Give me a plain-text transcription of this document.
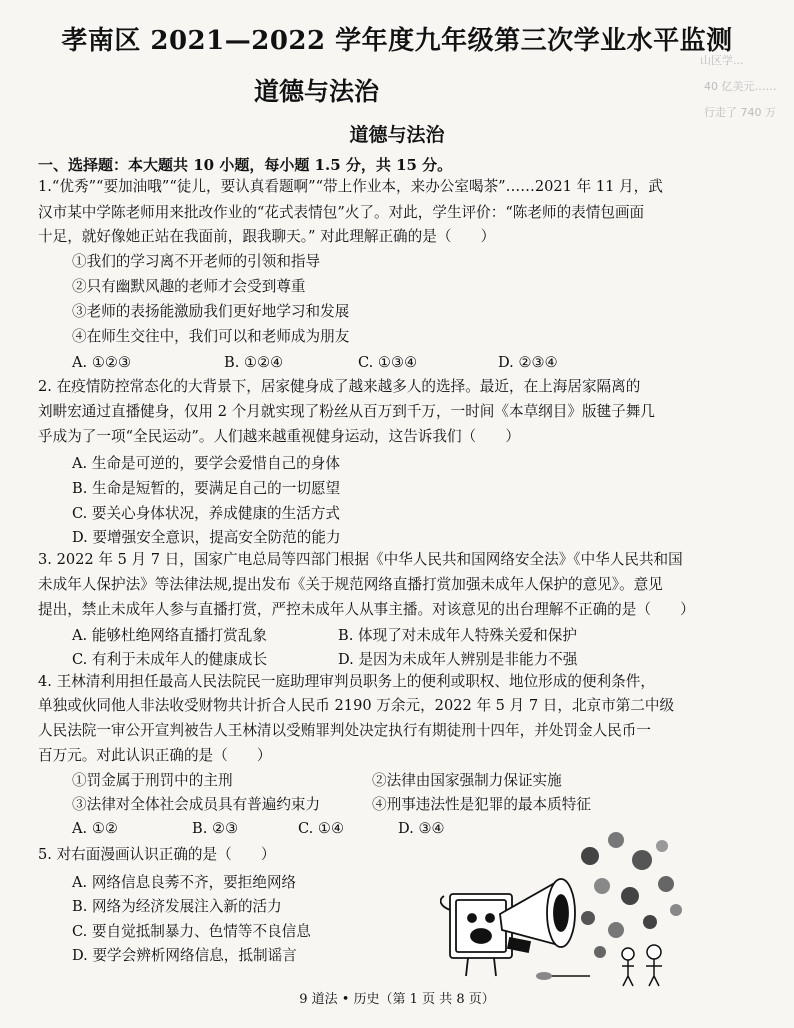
孝南区 2021—2022 学年度九年级第三次学业水平监测
道德与法治
道德与法治
山区学...
40 亿美元……
行走了 740 万
一、选择题：本大题共 10 小题，每小题 1.5 分，共 15 分。
1.“优秀”“要加油哦”“徒儿，要认真看题啊”“带上作业本，来办公室喝茶”……2021 年 11 月，武
汉市某中学陈老师用来批改作业的“花式表情包”火了。对此，学生评价：“陈老师的表情包画面
十足，就好像她正站在我面前，跟我聊天。” 对此理解正确的是（　　）
①我们的学习离不开老师的引领和指导
②只有幽默风趣的老师才会受到尊重
③老师的表扬能激励我们更好地学习和发展
④在师生交往中，我们可以和老师成为朋友
A. ①②③	B. ①②④	C. ①③④	D. ②③④
2. 在疫情防控常态化的大背景下，居家健身成了越来越多人的选择。最近，在上海居家隔离的
刘畊宏通过直播健身，仅用 2 个月就实现了粉丝从百万到千万，一时间《本草纲目》版毽子舞几
乎成为了一项“全民运动”。人们越来越重视健身运动，这告诉我们（　　）
A. 生命是可逆的，要学会爱惜自己的身体
B. 生命是短暂的，要满足自己的一切愿望
C. 要关心身体状况，养成健康的生活方式
D. 要增强安全意识，提高安全防范的能力
3. 2022 年 5 月 7 日，国家广电总局等四部门根据《中华人民共和国网络安全法》《中华人民共和国
未成年人保护法》等法律法规,提出发布《关于规范网络直播打赏加强未成年人保护的意见》。意见
提出，禁止未成年人参与直播打赏，严控未成年人从事主播。对该意见的出台理解不正确的是（　　）
A. 能够杜绝网络直播打赏乱象	B. 体现了对未成年人特殊关爱和保护
C. 有利于未成年人的健康成长	D. 是因为未成年人辨别是非能力不强
4. 王林清利用担任最高人民法院民一庭助理审判员职务上的便利或职权、地位形成的便利条件，
单独或伙同他人非法收受财物共计折合人民币 2190 万余元，2022 年 5 月 7 日，北京市第二中级
人民法院一审公开宣判被告人王林清以受贿罪判处决定执行有期徒刑十四年，并处罚金人民币一
百万元。对此认识正确的是（　　）
①罚金属于刑罚中的主刑	②法律由国家强制力保证实施
③法律对全体社会成员具有普遍约束力	④刑事违法性是犯罪的最本质特征
A. ①②	B. ②③	C. ①④	D. ③④
5. 对右面漫画认识正确的是（　　）
A. 网络信息良莠不齐，要拒绝网络
B. 网络为经济发展注入新的活力
C. 要自觉抵制暴力、色情等不良信息
D. 要学会辨析网络信息，抵制谣言
9 道法 • 历史（第 1 页 共 8 页）
